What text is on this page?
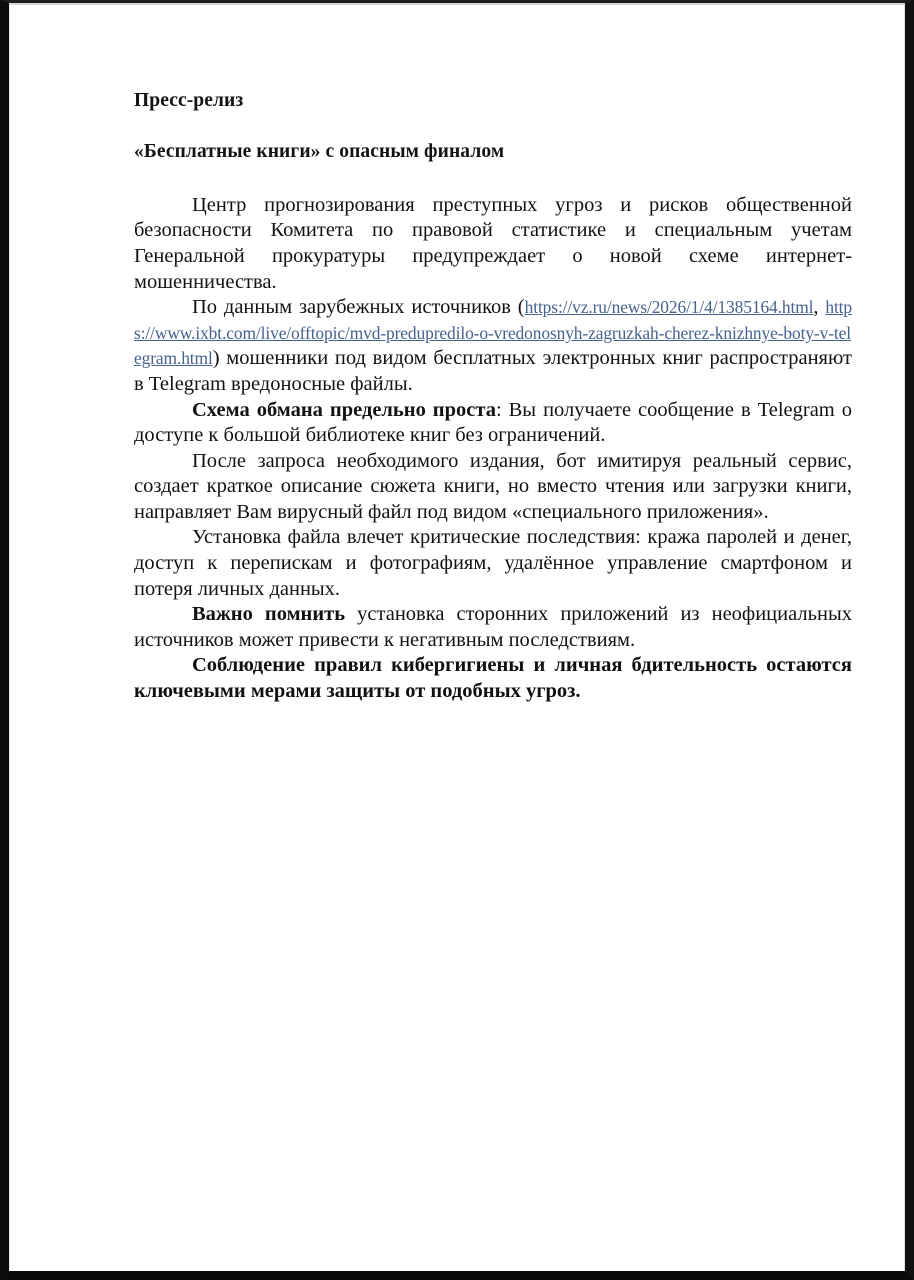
Пресс-релиз
«Бесплатные книги» с опасным финалом

Центр прогнозирования преступных угроз и рисков общественной безопасности Комитета по правовой статистике и специальным учетам Генеральной прокуратуры предупреждает о новой схеме интернет-мошенничества.

По данным зарубежных источников (https://vz.ru/news/2026/1/4/1385164.html, https://www.ixbt.com/live/offtopic/mvd-predupredilo-o-vredonosnyh-zagruzkah-cherez-knizhnye-boty-v-telegram.html) мошенники под видом бесплатных электронных книг распространяют в Telegram вредоносные файлы.

Схема обмана предельно проста: Вы получаете сообщение в Telegram о доступе к большой библиотеке книг без ограничений.

После запроса необходимого издания, бот имитируя реальный сервис, создает краткое описание сюжета книги, но вместо чтения или загрузки книги, направляет Вам вирусный файл под видом «специального приложения».

Установка файла влечет критические последствия: кража паролей и денег, доступ к перепискам и фотографиям, удалённое управление смартфоном и потеря личных данных.

Важно помнить установка сторонних приложений из неофициальных источников может привести к негативным последствиям.

Соблюдение правил кибергигиены и личная бдительность остаются ключевыми мерами защиты от подобных угроз.
